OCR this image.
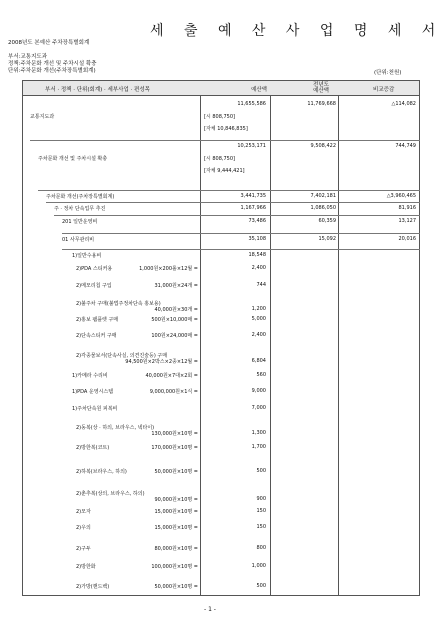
세 출 예 산 사 업 명 세 서
2008년도 본예산 주차장특별회계
부서:교통지도과
정책:주차문화 개선 및 주차시설 확충
단위:주차문화 개선(주차장특별회계)	(단위:천원)
부서 · 정책 · 단위(회계) · 세부사업 · 편성목	예산액
전년도
예산액	비교증감
교통지도과
11,655,586
[시 808,750]
[자체 10,846,835]
11,769,668	△114,082
주차문화 개선 및 주차시설 확충
10,253,171
[시 808,750]
[자체 9,444,421]
9,508,422	744,749
주차문화 개선(주차장특별회계)	3,441,735	7,402,181	△3,960,465
주 · 정차 단속업무 추진	1,167,966	1,086,050	81,916
201 일반운영비	73,486	60,359	13,127
01 사무관리비	35,108	15,092	20,016
1)일반수용비	18,548
2)PDA 스티커용	1,000원×200롤×12월 =	2,400
2)메모리칩 구입	31,000원×24개 =	744
2)불주차 구매(불법주정차단속 홍보용)
40,000원×30개 =	1,200
2)홍보 팸플렛 구매	500원×10,000매 =	5,000
2)단속스티커 구매	100원×24,000매 =	2,400
2)각종물보서(단속사실, 의견진술등) 구매
94,500원×2박스×2종×12월 =	6,804
1)카메라 수리비	40,000원×7대×2회 =	560
1)PDA 운영시스템	9,000,000원×1식 =	9,000
1)주차단속원 피복비	7,000
2)동복(상 · 하의, 브라우스, 넥타이)
130,000원×10명 =	1,300
2)방한복(코트)	170,000원×10명 =	1,700
2)하복(브라우스, 하의)	50,000원×10명 =	500
2)춘추복(상의, 브라우스, 하의)
90,000원×10명 =	900
2)모자	15,000원×10명 =	150
2)우의	15,000원×10명 =	150
2)구두	80,000원×10명 =	800
2)방한화	100,000원×10명 =	1,000
2)가방(핸드백)	50,000원×10명 =	500
- 1 -
